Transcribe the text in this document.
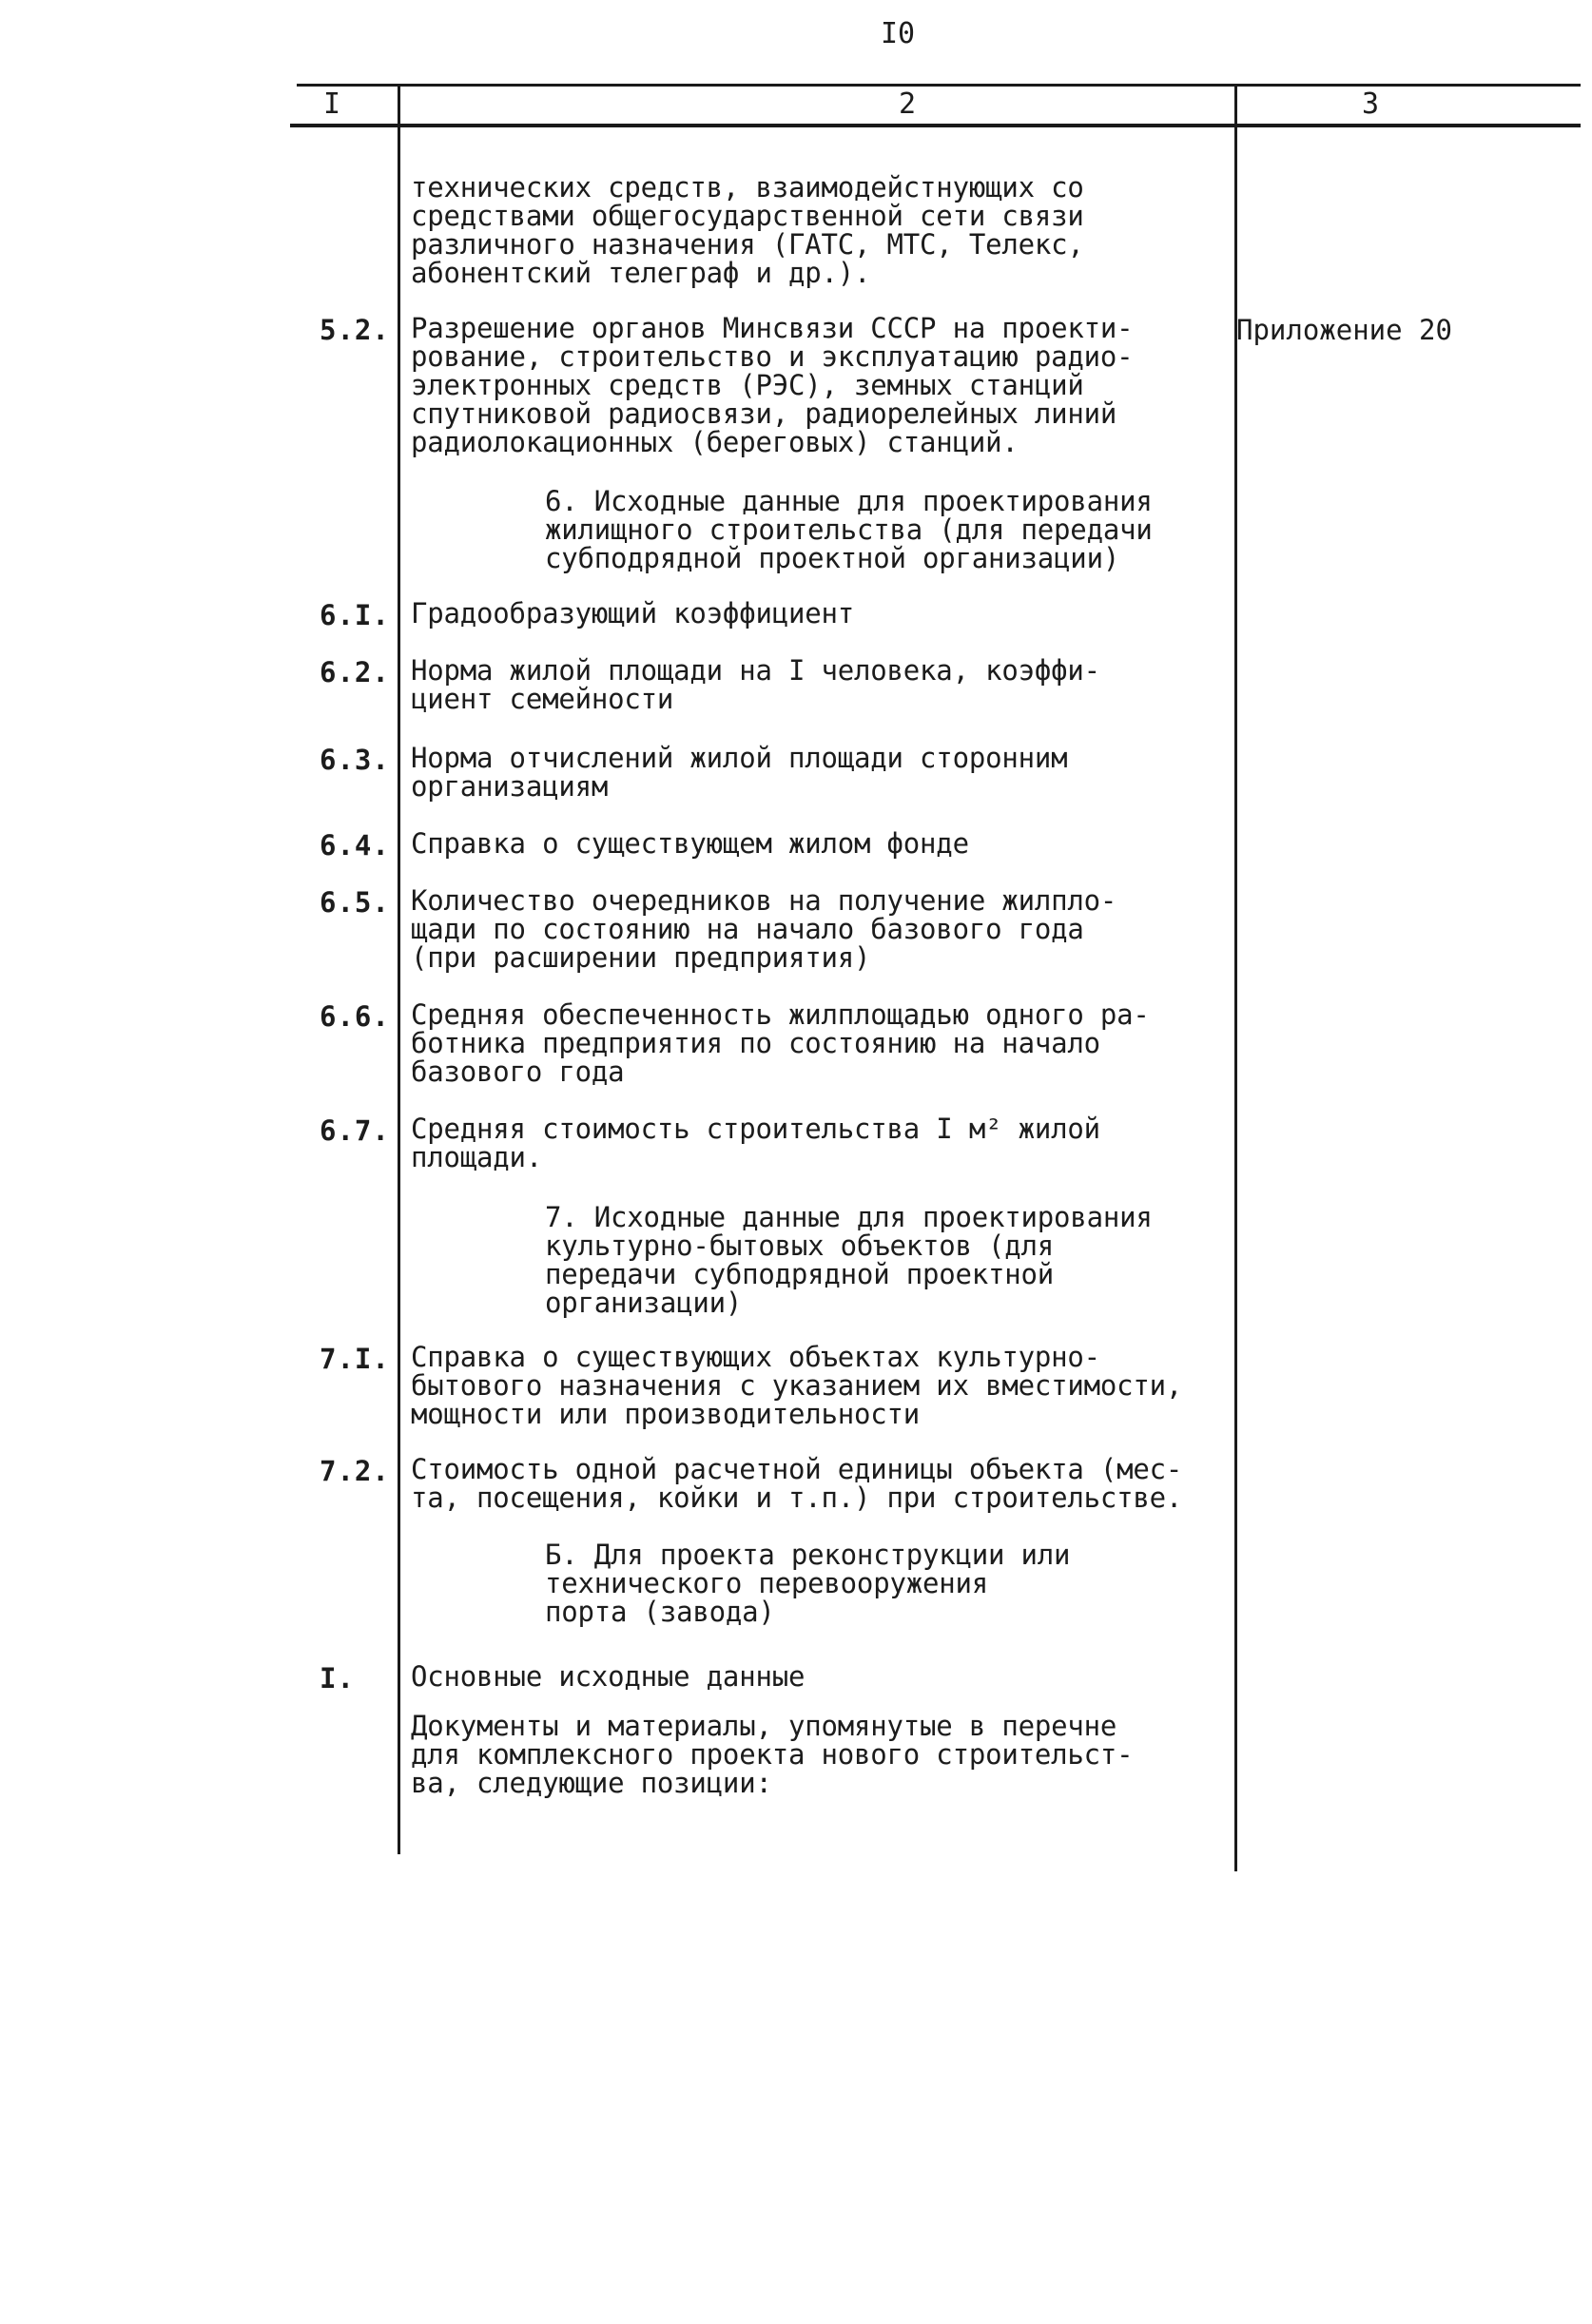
I0
I	2	3
технических средств, взаимодейстнующих со
средствами общегосударственной сети связи
различного назначения (ГАТС, МТС, Телекс,
абонентский телеграф и др.).
5.2. Разрешение органов Минсвязи СССР на проекти-
рование, строительство и эксплуатацию радио-
электронных средств (РЭС), земных станций
спутниковой радиосвязи, радиорелейных линий
радиолокационных (береговых) станций.
Приложение 20
6. Исходные данные для проектирования
жилищного строительства (для передачи
субподрядной проектной организации)
6.I. Градообразующий коэффициент
6.2. Норма жилой площади на I человека, коэффи-
циент семейности
6.3. Норма отчислений жилой площади сторонним
организациям
6.4. Справка о существующем жилом фонде
6.5. Количество очередников на получение жилпло-
щади по состоянию на начало базового года
(при расширении предприятия)
6.6. Средняя обеспеченность жилплощадью одного ра-
ботника предприятия по состоянию на начало
базового года
6.7. Средняя стоимость строительства I м² жилой
площади.
7. Исходные данные для проектирования
культурно-бытовых объектов (для
передачи субподрядной проектной
организации)
7.I. Справка о существующих объектах культурно-
бытового назначения с указанием их вместимости,
мощности или производительности
7.2. Стоимость одной расчетной единицы объекта (мес-
та, посещения, койки и т.п.) при строительстве.
Б. Для проекта реконструкции или
технического перевооружения
порта (завода)
I. Основные исходные данные
Документы и материалы, упомянутые в перечне
для комплексного проекта нового строительст-
ва, следующие позиции:
